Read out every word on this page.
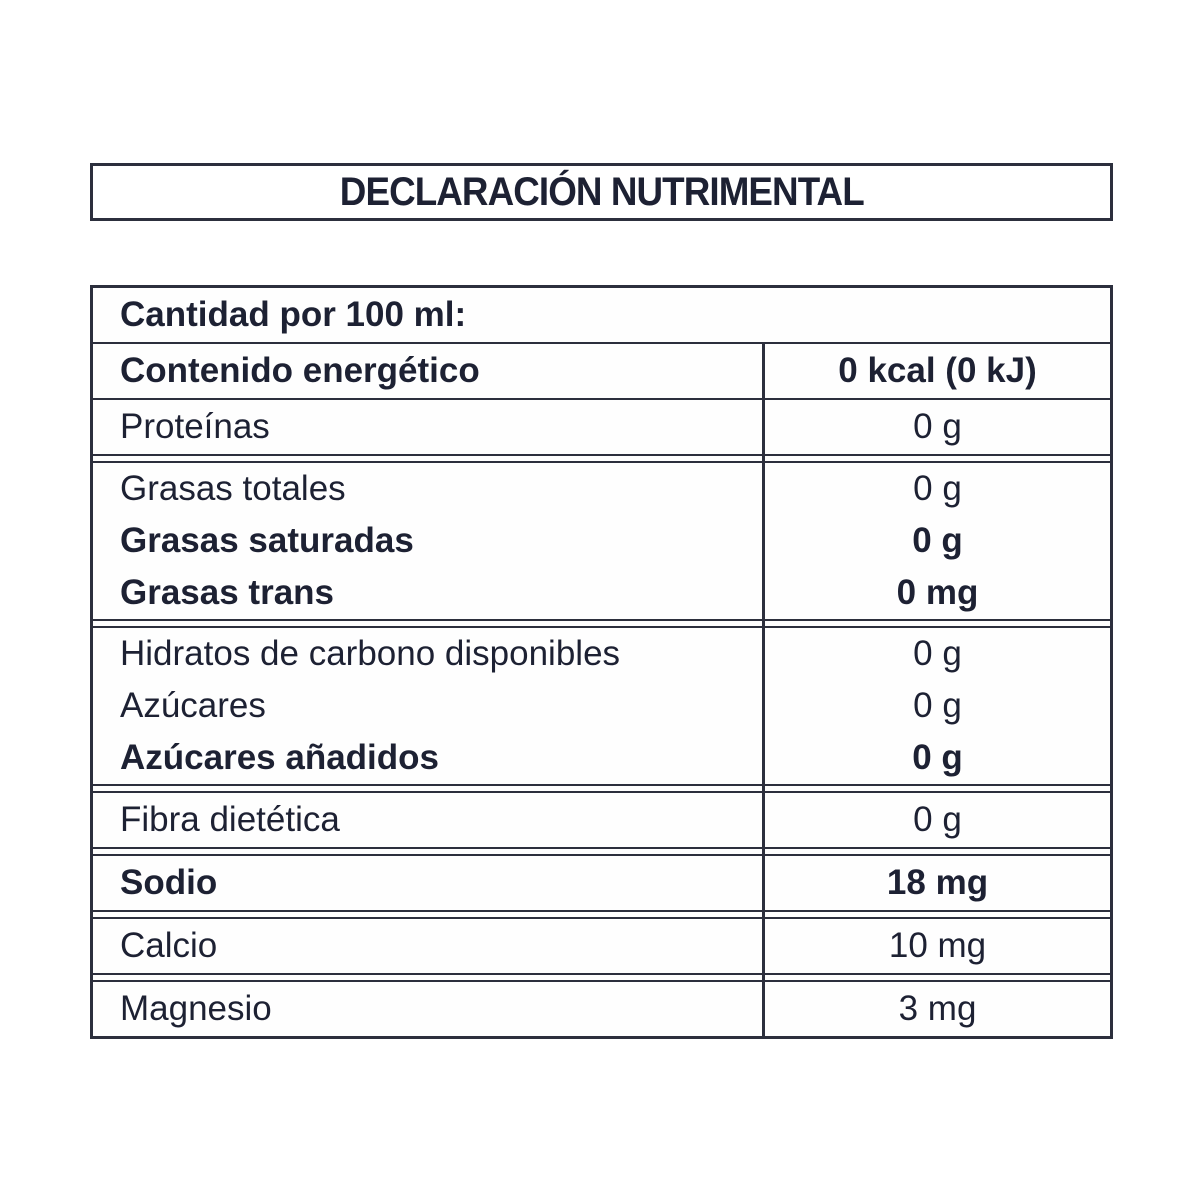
DECLARACIÓN NUTRIMENTAL
Cantidad por 100 ml:
Contenido energético	0 kcal (0 kJ)
Proteínas	0 g
Grasas totales	0 g
Grasas saturadas	0 g
Grasas trans	0 mg
Hidratos de carbono disponibles	0 g
Azúcares	0 g
Azúcares añadidos	0 g
Fibra dietética	0 g
Sodio	18 mg
Calcio	10 mg
Magnesio	3 mg
